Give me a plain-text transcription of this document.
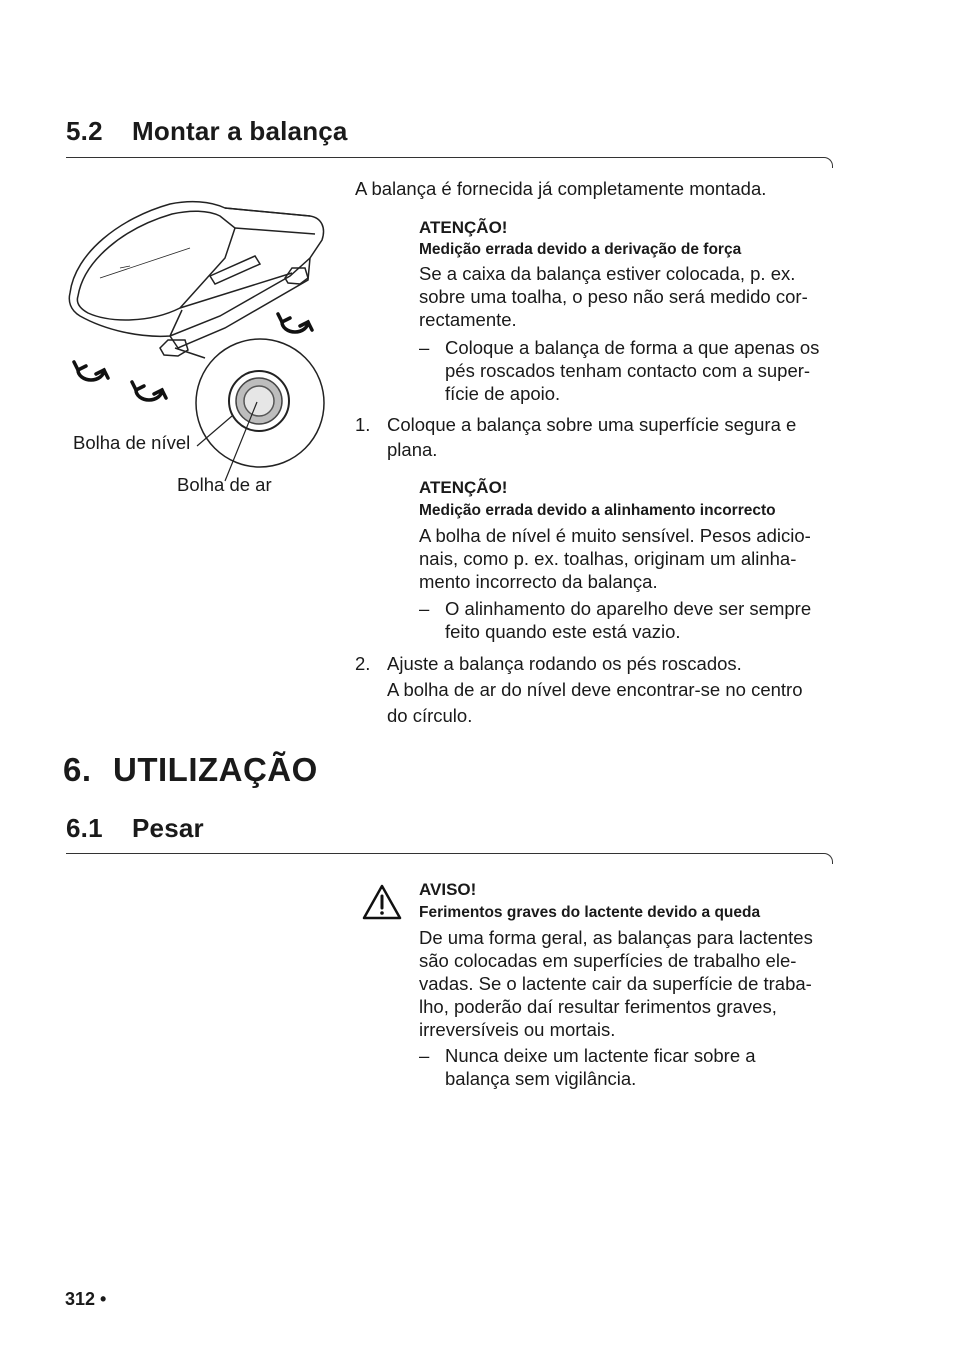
5.2 Montar a balança
A balança é fornecida já completamente montada.
Bolha de nível
Bolha de ar
ATENÇÃO!
Medição errada devido a derivação de força
Se a caixa da balança estiver colocada, p. ex.
sobre uma toalha, o peso não será medido cor-
rectamente.
– Coloque a balança de forma a que apenas os
pés roscados tenham contacto com a super-
fície de apoio.
1. Coloque a balança sobre uma superfície segura e
plana.
ATENÇÃO!
Medição errada devido a alinhamento incorrecto
A bolha de nível é muito sensível. Pesos adicio-
nais, como p. ex. toalhas, originam um alinha-
mento incorrecto da balança.
– O alinhamento do aparelho deve ser sempre
feito quando este está vazio.
2. Ajuste a balança rodando os pés roscados.
A bolha de ar do nível deve encontrar-se no centro
do círculo.
6. UTILIZAÇÃO
6.1 Pesar
AVISO!
Ferimentos graves do lactente devido a queda
De uma forma geral, as balanças para lactentes
são colocadas em superfícies de trabalho ele-
vadas. Se o lactente cair da superfície de traba-
lho, poderão daí resultar ferimentos graves,
irreversíveis ou mortais.
– Nunca deixe um lactente ficar sobre a
balança sem vigilância.
312 •
